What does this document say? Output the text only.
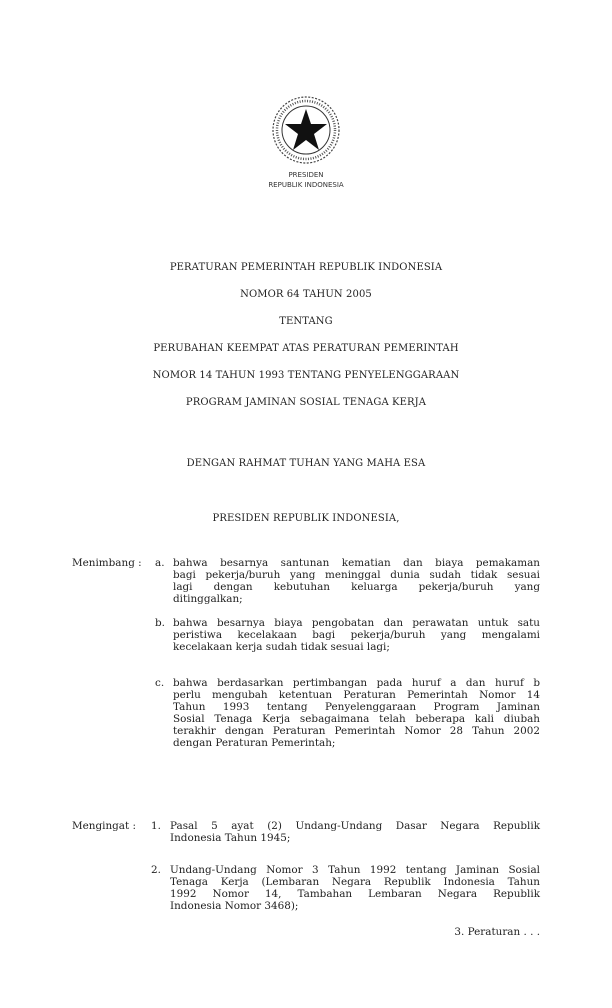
PRESIDEN
REPUBLIK INDONESIA
PERATURAN PEMERINTAH REPUBLIK INDONESIA
NOMOR 64 TAHUN 2005
TENTANG
PERUBAHAN KEEMPAT ATAS PERATURAN PEMERINTAH
NOMOR 14 TAHUN 1993 TENTANG PENYELENGGARAAN
PROGRAM JAMINAN SOSIAL TENAGA KERJA
DENGAN RAHMAT TUHAN YANG MAHA ESA
PRESIDEN REPUBLIK INDONESIA,
Menimbang : a. bahwa besarnya santunan kematian dan biaya pemakaman
bagi pekerja/buruh yang meninggal dunia sudah tidak sesuai
lagi dengan kebutuhan keluarga pekerja/buruh yang
ditinggalkan;
b. bahwa besarnya biaya pengobatan dan perawatan untuk satu
peristiwa kecelakaan bagi pekerja/buruh yang mengalami
kecelakaan kerja sudah tidak sesuai lagi;
c. bahwa berdasarkan pertimbangan pada huruf a dan huruf b
perlu mengubah ketentuan Peraturan Pemerintah Nomor 14
Tahun 1993 tentang Penyelenggaraan Program Jaminan
Sosial Tenaga Kerja sebagaimana telah beberapa kali diubah
terakhir dengan Peraturan Pemerintah Nomor 28 Tahun 2002
dengan Peraturan Pemerintah;
Mengingat : 1. Pasal 5 ayat (2) Undang-Undang Dasar Negara Republik
Indonesia Tahun 1945;
2. Undang-Undang Nomor 3 Tahun 1992 tentang Jaminan Sosial
Tenaga Kerja (Lembaran Negara Republik Indonesia Tahun
1992 Nomor 14, Tambahan Lembaran Negara Republik
Indonesia Nomor 3468);
3. Peraturan . . .
